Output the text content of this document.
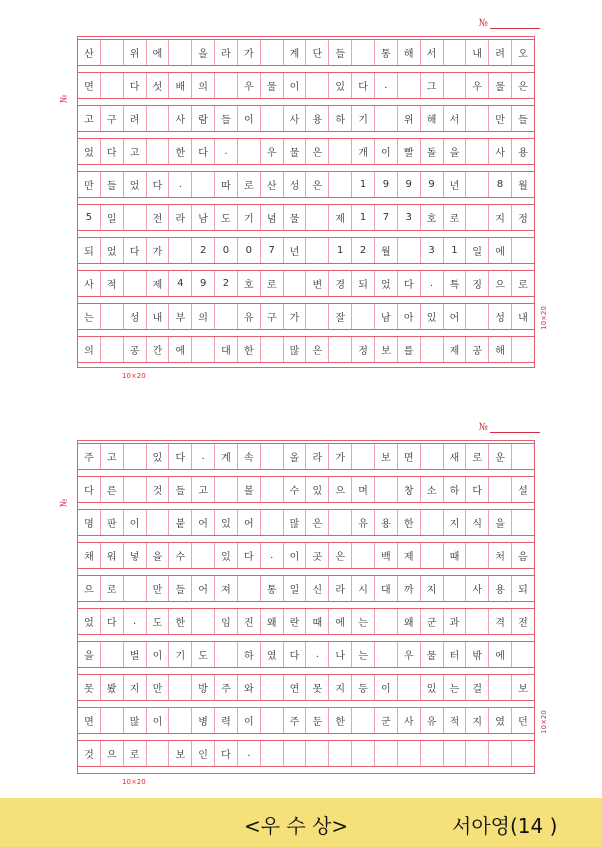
№
№
산	위	에	올	라	가	계	단	들	통	해	서	내	려	오
면	다	섯	배	의	우	물	이	있	다	.	그	우	물	은
고	구	려	사	람	들	이	사	용	하	기	위	해	서	만	들
었	다	고	한	다	.	우	물	은	개	이	빨	돌	을	사	용
만	들	었	다	.	따	로	산	성	은	1	9	9	9	년	8	월
5	일	전	라	남	도	기	념	물	제	1	7	3	호	로	지	정
되	었	다	가	2	0	0	7	년	1	2	월	3	1	일	에
사	적	제	4	9	2	호	로	변	경	되	었	다	.	특	징	으	로
는	성	내	부	의	유	구	가	잘	남	아	있	어	성	내
의	공	간	에	대	한	많	은	정	보	를	제	공	해
10×20
10×20
№
№
주	고	있	다	.	계	속	올	라	가	보	면	새	로	운
다	른	것	들	고	볼	수	있	으	며	창	소	하	다	설
명	판	이	붙	어	있	어	많	은	유	용	한	지	식	을
채	워	넣	을	수	있	다	.	이	곳	은	백	제	때	처	음
으	로	만	들	어	져	통	일	신	라	시	대	까	지	사	용	되
었	다	.	도	한	임	진	왜	란	때	에	는	왜	군	과	격	전
을	벌	이	기	도	하	였	다	.	나	는	우	물	터	밖	에
못	봤	지	만	방	주	와	연	못	지	등	이	있	는	걸	보
면	많	이	병	력	이	주	둔	한	군	사	유	적	지	였	던
것	으	로	보	인	다	.
10×20
10×20
<우 수 상>	서아영(14 )
